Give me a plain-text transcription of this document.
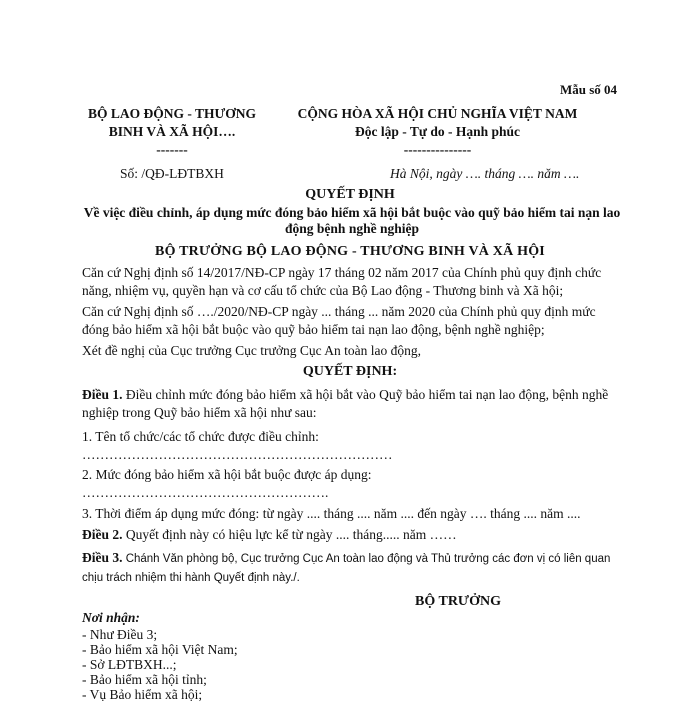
Mẫu số 04
BỘ LAO ĐỘNG - THƯƠNG
BINH VÀ XÃ HỘI….
-------
CỘNG HÒA XÃ HỘI CHỦ NGHĨA VIỆT NAM
Độc lập - Tự do - Hạnh phúc
---------------
Số: /QĐ-LĐTBXH	Hà Nội, ngày …. tháng …. năm ….
QUYẾT ĐỊNH
Về việc điều chỉnh, áp dụng mức đóng bảo hiểm xã hội bắt buộc vào quỹ bảo hiểm tai nạn lao động bệnh nghề nghiệp
BỘ TRƯỞNG BỘ LAO ĐỘNG - THƯƠNG BINH VÀ XÃ HỘI
Căn cứ Nghị định số 14/2017/NĐ-CP ngày 17 tháng 02 năm 2017 của Chính phủ quy định chức năng, nhiệm vụ, quyền hạn và cơ cấu tổ chức của Bộ Lao động - Thương binh và Xã hội;
Căn cứ Nghị định số …./2020/NĐ-CP ngày ... tháng ... năm 2020 của Chính phủ quy định mức đóng bảo hiểm xã hội bắt buộc vào quỹ bảo hiểm tai nạn lao động, bệnh nghề nghiệp;
Xét đề nghị của Cục trưởng Cục trưởng Cục An toàn lao động,
QUYẾT ĐỊNH:
Điều 1. Điều chỉnh mức đóng bảo hiểm xã hội bắt vào Quỹ bảo hiểm tai nạn lao động, bệnh nghề nghiệp trong Quỹ bảo hiểm xã hội như sau:
1. Tên tổ chức/các tổ chức được điều chỉnh:
……………………………………………………………
2. Mức đóng bảo hiểm xã hội bắt buộc được áp dụng:
……………………………………………….
3. Thời điểm áp dụng mức đóng: từ ngày .... tháng .... năm .... đến ngày …. tháng .... năm ....
Điều 2. Quyết định này có hiệu lực kể từ ngày .... tháng..... năm ……
Điều 3. Chánh Văn phòng bộ, Cục trưởng Cục An toàn lao động và Thủ trưởng các đơn vị có liên quan chịu trách nhiệm thi hành Quyết định này./.
BỘ TRƯỞNG
Nơi nhận:
- Như Điều 3;
- Bảo hiểm xã hội Việt Nam;
- Sở LĐTBXH...;
- Bảo hiểm xã hội tỉnh;
- Vụ Bảo hiểm xã hội;
